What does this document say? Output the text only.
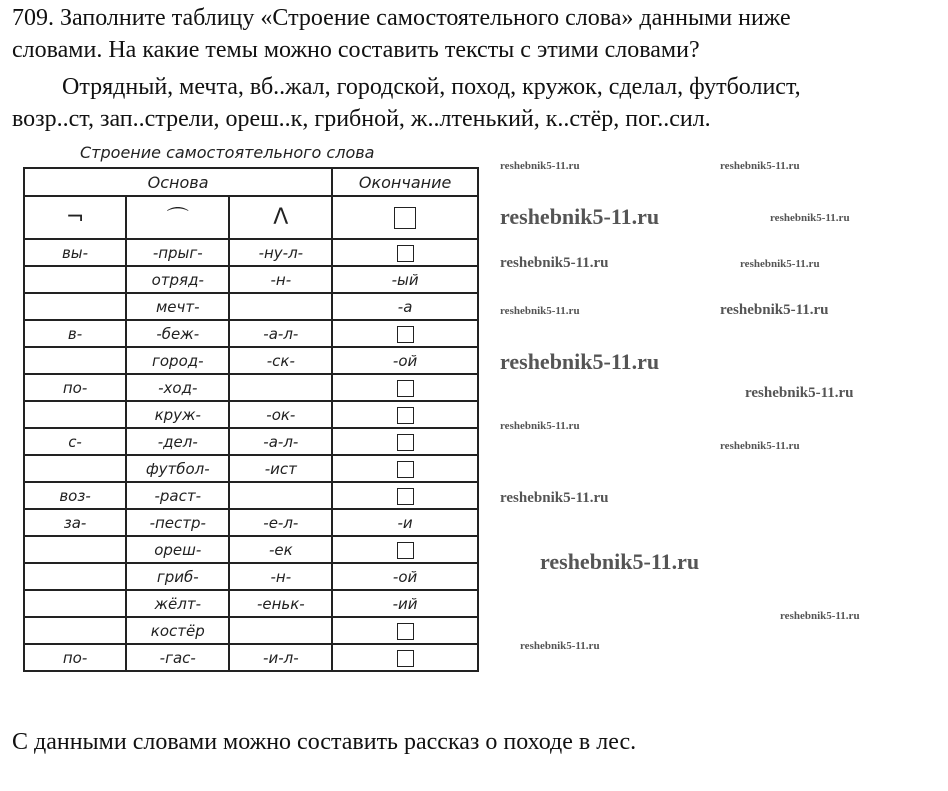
709. Заполните таблицу «Строение самостоятельного слова» данными ниже
словами. На какие темы можно составить тексты с этими словами?
Отрядный, мечта, вб..жал, городской, поход, кружок, сделал, футболист,
возр..ст, зап..стрели, ореш..к, грибной, ж..лтенький, к..стёр, пог..сил.
Строение самостоятельного слова
Основа			Окончание
¬	⌒	Λ	
вы-	-прыг-	-ну-л-	
	отряд-	-н-	-ый
	мечт-		-а
в-	-беж-	-а-л-	
	город-	-ск-	-ой
по-	-ход-		
	круж-	-ок-	
с-	-дел-	-а-л-	
	футбол-	-ист	
воз-	-раст-		
за-	-пестр-	-е-л-	-и
	ореш-	-ек	
	гриб-	-н-	-ой
	жёлт-	-еньк-	-ий
	костёр		
по-	-гас-	-и-л-	
С данными словами можно составить рассказ о походе в лес.
reshebnik5-11.ru	reshebnik5-11.ru
reshebnik5-11.ru	reshebnik5-11.ru
reshebnik5-11.ru	reshebnik5-11.ru
reshebnik5-11.ru	reshebnik5-11.ru
reshebnik5-11.ru
reshebnik5-11.ru
reshebnik5-11.ru
reshebnik5-11.ru
reshebnik5-11.ru
reshebnik5-11.ru
reshebnik5-11.ru
reshebnik5-11.ru
